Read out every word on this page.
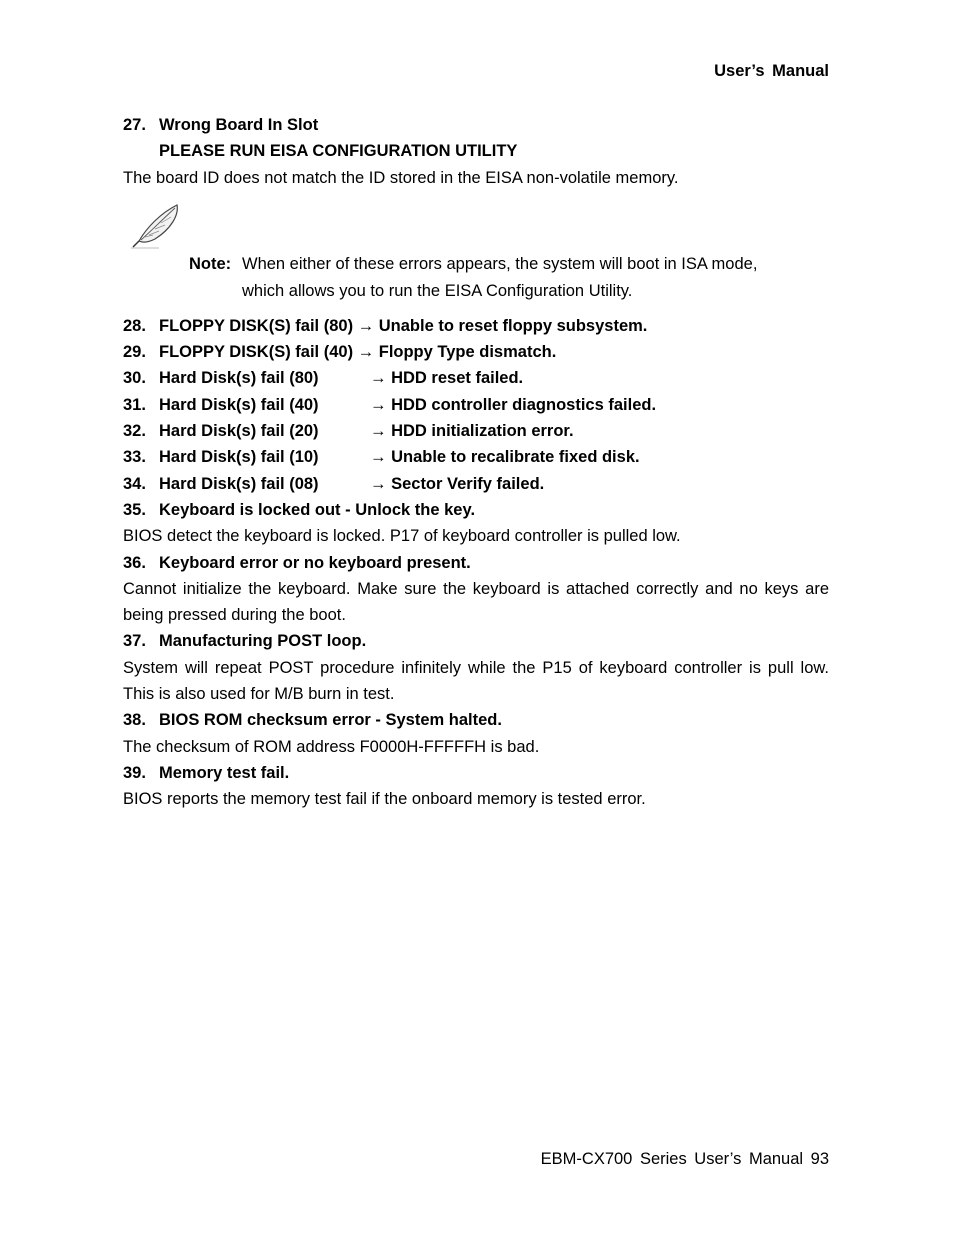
User’s Manual
27. Wrong Board In Slot
PLEASE RUN EISA CONFIGURATION UTILITY
The board ID does not match the ID stored in the EISA non-volatile memory.
Note: When either of these errors appears, the system will boot in ISA mode,
which allows you to run the EISA Configuration Utility.
28. FLOPPY DISK(S) fail (80) → Unable to reset floppy subsystem.
29. FLOPPY DISK(S) fail (40) → Floppy Type dismatch.
30. Hard Disk(s) fail (80)	→ HDD reset failed.
31. Hard Disk(s) fail (40)	→ HDD controller diagnostics failed.
32. Hard Disk(s) fail (20)	→ HDD initialization error.
33. Hard Disk(s) fail (10)	→ Unable to recalibrate fixed disk.
34. Hard Disk(s) fail (08)	→ Sector Verify failed.
35. Keyboard is locked out - Unlock the key.
BIOS detect the keyboard is locked. P17 of keyboard controller is pulled low.
36. Keyboard error or no keyboard present.

Cannot initialize the keyboard. Make sure the keyboard is attached correctly and no keys are being pressed during the boot.

37. Manufacturing POST loop.

System will repeat POST procedure infinitely while the P15 of keyboard controller is pull low. This is also used for M/B burn in test.

38. BIOS ROM checksum error - System halted.
The checksum of ROM address F0000H-FFFFFH is bad.
39. Memory test fail.
BIOS reports the memory test fail if the onboard memory is tested error.
EBM-CX700 Series User’s Manual 93
